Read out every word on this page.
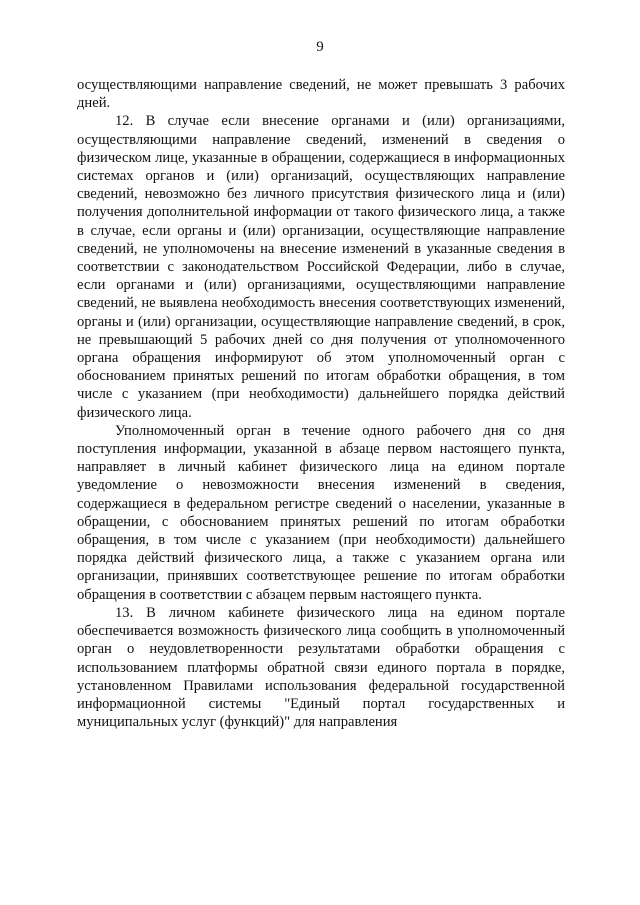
9

осуществляющими направление сведений, не может превышать 3 рабочих дней.

12. В случае если внесение органами и (или) организациями, осуществляющими направление сведений, изменений в сведения о физическом лице, указанные в обращении, содержащиеся в информационных системах органов и (или) организаций, осуществляющих направление сведений, невозможно без личного присутствия физического лица и (или) получения дополнительной информации от такого физического лица, а также в случае, если органы и (или) организации, осуществляющие направление сведений, не уполномочены на внесение изменений в указанные сведения в соответствии с законодательством Российской Федерации, либо в случае, если органами и (или) организациями, осуществляющими направление сведений, не выявлена необходимость внесения соответствующих изменений, органы и (или) организации, осуществляющие направление сведений, в срок, не превышающий 5 рабочих дней со дня получения от уполномоченного органа обращения информируют об этом уполномоченный орган с обоснованием принятых решений по итогам обработки обращения, в том числе с указанием (при необходимости) дальнейшего порядка действий физического лица.

Уполномоченный орган в течение одного рабочего дня со дня поступления информации, указанной в абзаце первом настоящего пункта, направляет в личный кабинет физического лица на едином портале уведомление о невозможности внесения изменений в сведения, содержащиеся в федеральном регистре сведений о населении, указанные в обращении, с обоснованием принятых решений по итогам обработки обращения, в том числе с указанием (при необходимости) дальнейшего порядка действий физического лица, а также с указанием органа или организации, принявших соответствующее решение по итогам обработки обращения в соответствии с абзацем первым настоящего пункта.

13. В личном кабинете физического лица на едином портале обеспечивается возможность физического лица сообщить в уполномоченный орган о неудовлетворенности результатами обработки обращения с использованием платформы обратной связи единого портала в порядке, установленном Правилами использования федеральной государственной информационной системы "Единый портал государственных и муниципальных услуг (функций)" для направления
